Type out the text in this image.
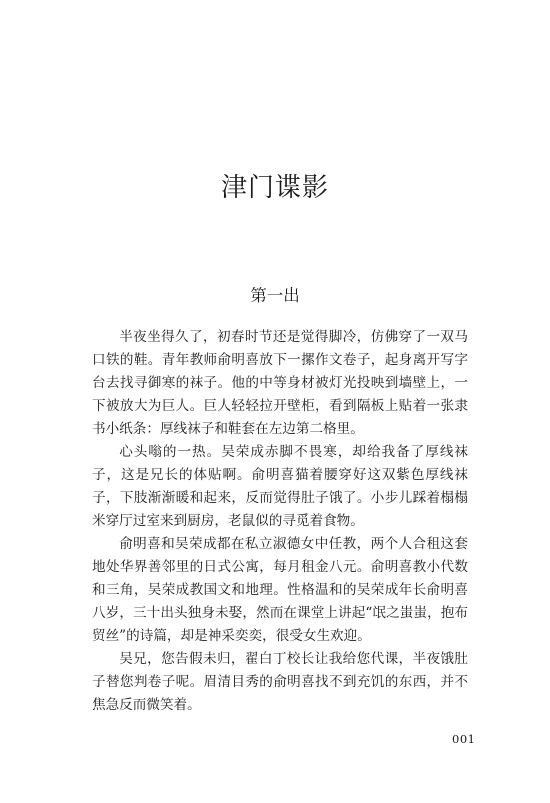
津门谍影
第一出

半夜坐得久了，初春时节还是觉得脚冷，仿佛穿了一双马口铁的鞋。青年教师俞明喜放下一摞作文卷子，起身离开写字台去找寻御寒的袜子。他的中等身材被灯光投映到墙壁上，一下被放大为巨人。巨人轻轻拉开壁柜，看到隔板上贴着一张隶书小纸条：厚线袜子和鞋套在左边第二格里。

心头嗡的一热。吴荣成赤脚不畏寒，却给我备了厚线袜子，这是兄长的体贴啊。俞明喜猫着腰穿好这双紫色厚线袜子，下肢渐渐暖和起来，反而觉得肚子饿了。小步儿踩着榻榻米穿厅过室来到厨房，老鼠似的寻觅着食物。

俞明喜和吴荣成都在私立淑德女中任教，两个人合租这套地处华界善邻里的日式公寓，每月租金八元。俞明喜教小代数和三角，吴荣成教国文和地理。性格温和的吴荣成年长俞明喜八岁，三十出头独身未娶，然而在课堂上讲起“氓之蚩蚩，抱布贸丝”的诗篇，却是神采奕奕，很受女生欢迎。

吴兄，您告假未归，翟白丁校长让我给您代课，半夜饿肚子替您判卷子呢。眉清目秀的俞明喜找不到充饥的东西，并不焦急反而微笑着。

001
